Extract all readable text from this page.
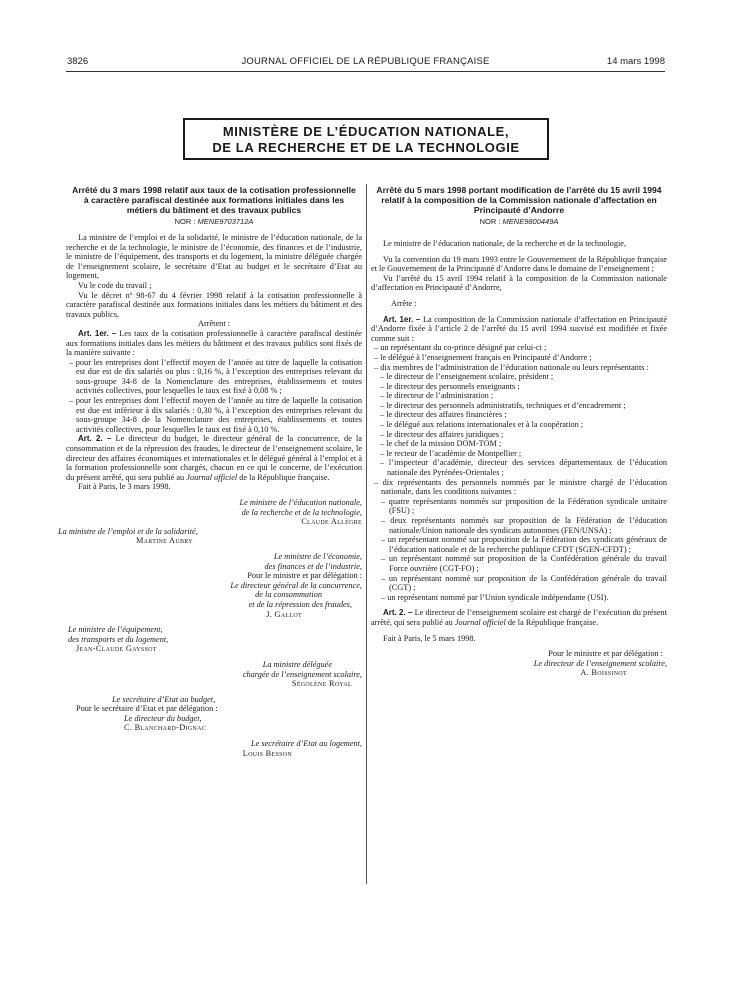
3826	JOURNAL OFFICIEL DE LA RÉPUBLIQUE FRANÇAISE	14 mars 1998
MINISTÈRE DE L’ÉDUCATION NATIONALE,
DE LA RECHERCHE ET DE LA TECHNOLOGIE
Arrêté du 3 mars 1998 relatif aux taux de la cotisation professionnelle à caractère parafiscal destinée aux formations initiales dans les métiers du bâtiment et des travaux publics
NOR : MENE9703712A

La ministre de l’emploi et de la solidarité, le ministre de l’éducation nationale, de la recherche et de la technologie, le ministre de l’économie, des finances et de l’industrie, le ministre de l’équipement, des transports et du logement, la ministre déléguée chargée de l’enseignement scolaire, le secrétaire d’Etat au budget et le secrétaire d’Etat au logement,

Vu le code du travail ;

Vu le décret nº 98-67 du 4 février 1998 relatif à la cotisation professionnelle à caractère parafiscal destinée aux formations initiales dans les métiers du bâtiment et des travaux publics,

Arrêtent :

Art. 1er. – Les taux de la cotisation professionnelle à caractère parafiscal destinée aux formations initiales dans les métiers du bâtiment et des travaux publics sont fixés de la manière suivante :

– pour les entreprises dont l’effectif moyen de l’année au titre de laquelle la cotisation est due est de dix salariés ou plus : 0,16 %, à l’exception des entreprises relevant du sous-groupe 34-8 de la Nomenclature des entreprises, établissements et toutes activités collectives, pour lesquelles le taux est fixé à 0,08 % ;

– pour les entreprises dont l’effectif moyen de l’année au titre de laquelle la cotisation est due est inférieur à dix salariés : 0,30 %, à l’exception des entreprises relevant du sous-groupe 34-8 de la Nomenclature des entreprises, établissements et toutes activités collectives, pour lesquelles le taux est fixé à 0,10 %.

Art. 2. – Le directeur du budget, le directeur général de la concurrence, de la consommation et de la répression des fraudes, le directeur de l’enseignement scolaire, le directeur des affaires économiques et internationales et le délégué général à l’emploi et à la formation professionnelle sont chargés, chacun en ce qui le concerne, de l’exécution du présent arrêté, qui sera publié au Journal officiel de la République française.

Fait à Paris, le 3 mars 1998.

Le ministre de l’éducation nationale,

de la recherche et de la technologie,

Claude Allègre

La ministre de l’emploi et de la solidarité,

Martine Aubry

Le ministre de l’économie,

des finances et de l’industrie,

Pour le ministre et par délégation :

Le directeur général de la concurrence,

de la consommation

et de la répression des fraudes,

J. Gallot

Le ministre de l’équipement,

des transports et du logement,

Jean-Claude Gayssot

La ministre déléguée

chargée de l’enseignement scolaire,

Ségolène Royal

Le secrétaire d’Etat au budget,

Pour le secrétaire d’Etat et par délégation :

Le directeur du budget,

C. Blanchard-Dignac

Le secrétaire d’Etat au logement,

Louis Besson

Arrêté du 5 mars 1998 portant modification de l’arrêté du 15 avril 1994 relatif à la composition de la Commission nationale d’affectation en Principauté d’Andorre
NOR : MENE9800449A

Le ministre de l’éducation nationale, de la recherche et de la technologie,

Vu la convention du 19 mars 1993 entre le Gouvernement de la République française et le Gouvernement de la Principauté d’Andorre dans le domaine de l’enseignement ;

Vu l’arrêté du 15 avril 1994 relatif à la composition de la Commission nationale d’affectation en Principauté d’Andorre,

Arrête :

Art. 1er. – La composition de la Commission nationale d’affectation en Principauté d’Andorre fixée à l’article 2 de l’arrêté du 15 avril 1994 susvisé est modifiée et fixée comme suit :

– un représentant du co-prince désigné par celui-ci ;

– le délégué à l’enseignement français en Principauté d’Andorre ;

– dix membres de l’administration de l’éducation nationale ou leurs représentants :

– le directeur de l’enseignement scolaire, président ;

– le directeur des personnels enseignants ;

– le directeur de l’administration ;

– le directeur des personnels administratifs, techniques et d’encadrement ;

– le directeur des affaires financières ;

– le délégué aux relations internationales et à la coopération ;

– le directeur des affaires juridiques ;

– le chef de la mission DOM-TOM ;

– le recteur de l’académie de Montpellier ;

– l’inspecteur d’académie, directeur des services départementaux de l’éducation nationale des Pyrénées-Orientales ;

– dix représentants des personnels nommés par le ministre chargé de l’éducation nationale, dans les conditions suivantes :

– quatre représentants nommés sur proposition de la Fédération syndicale unitaire (FSU) ;

– deux représentants nommés sur proposition de la Fédération de l’éducation nationale/Union nationale des syndicats autonomes (FEN/UNSA) ;

– un représentant nommé sur proposition de la Fédération des syndicats généraux de l’éducation nationale et de la recherche publique CFDT (SGEN-CFDT) ;

– un représentant nommé sur proposition de la Confédération générale du travail Force ouvrière (CGT-FO) ;

– un représentant nommé sur proposition de la Confédération générale du travail (CGT) ;

– un représentant nommé par l’Union syndicale indépendante (USI).

Art. 2. – Le directeur de l’enseignement scolaire est chargé de l’exécution du présent arrêté, qui sera publié au Journal officiel de la République française.

Fait à Paris, le 5 mars 1998.

Pour le ministre et par délégation :

Le directeur de l’enseignement scolaire,

A. Boissinot
